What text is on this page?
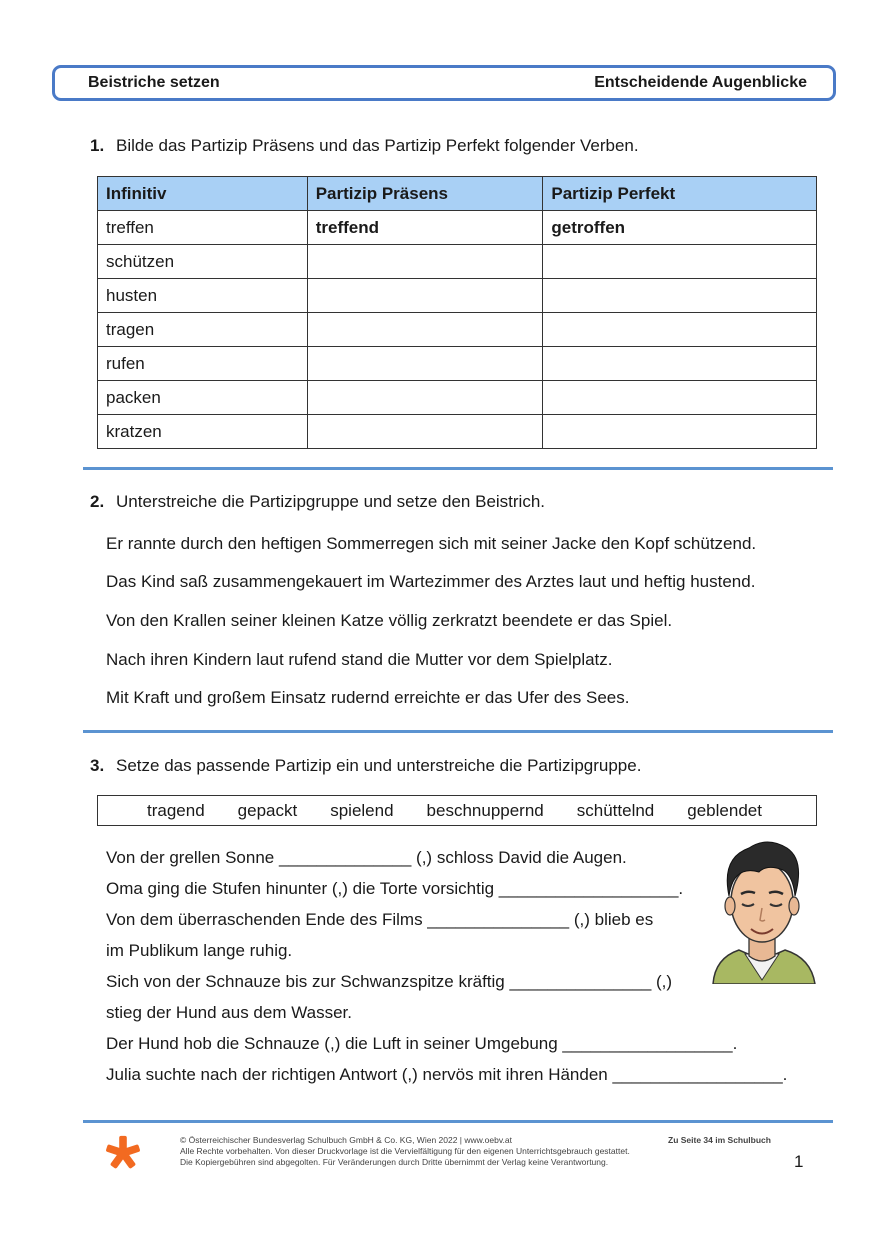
Beistriche setzen	Entscheidende Augenblicke
1. Bilde das Partizip Präsens und das Partizip Perfekt folgender Verben.
Infinitiv	Partizip Präsens	Partizip Perfekt
treffen	treffend	getroffen
schützen		
husten		
tragen		
rufen		
packen		
kratzen		
2. Unterstreiche die Partizipgruppe und setze den Beistrich.
Er rannte durch den heftigen Sommerregen sich mit seiner Jacke den Kopf schützend.
Das Kind saß zusammengekauert im Wartezimmer des Arztes laut und heftig hustend.
Von den Krallen seiner kleinen Katze völlig zerkratzt beendete er das Spiel.
Nach ihren Kindern laut rufend stand die Mutter vor dem Spielplatz.
Mit Kraft und großem Einsatz rudernd erreichte er das Ufer des Sees.
3. Setze das passende Partizip ein und unterstreiche die Partizipgruppe.
tragend gepackt spielend beschnuppernd schüttelnd geblendet
Von der grellen Sonne ______________ (,) schloss David die Augen.
Oma ging die Stufen hinunter (,) die Torte vorsichtig ___________________.
Von dem überraschenden Ende des Films _______________ (,) blieb es
im Publikum lange ruhig.
Sich von der Schnauze bis zur Schwanzspitze kräftig _______________ (,)
stieg der Hund aus dem Wasser.
Der Hund hob die Schnauze (,) die Luft in seiner Umgebung __________________.
Julia suchte nach der richtigen Antwort (,) nervös mit ihren Händen __________________.
© Österreichischer Bundesverlag Schulbuch GmbH & Co. KG, Wien 2022 | www.oebv.at
Alle Rechte vorbehalten. Von dieser Druckvorlage ist die Vervielfältigung für den eigenen Unterrichtsgebrauch gestattet.
Die Kopiergebühren sind abgegolten. Für Veränderungen durch Dritte übernimmt der Verlag keine Verantwortung.
Zu Seite 34 im Schulbuch
1
